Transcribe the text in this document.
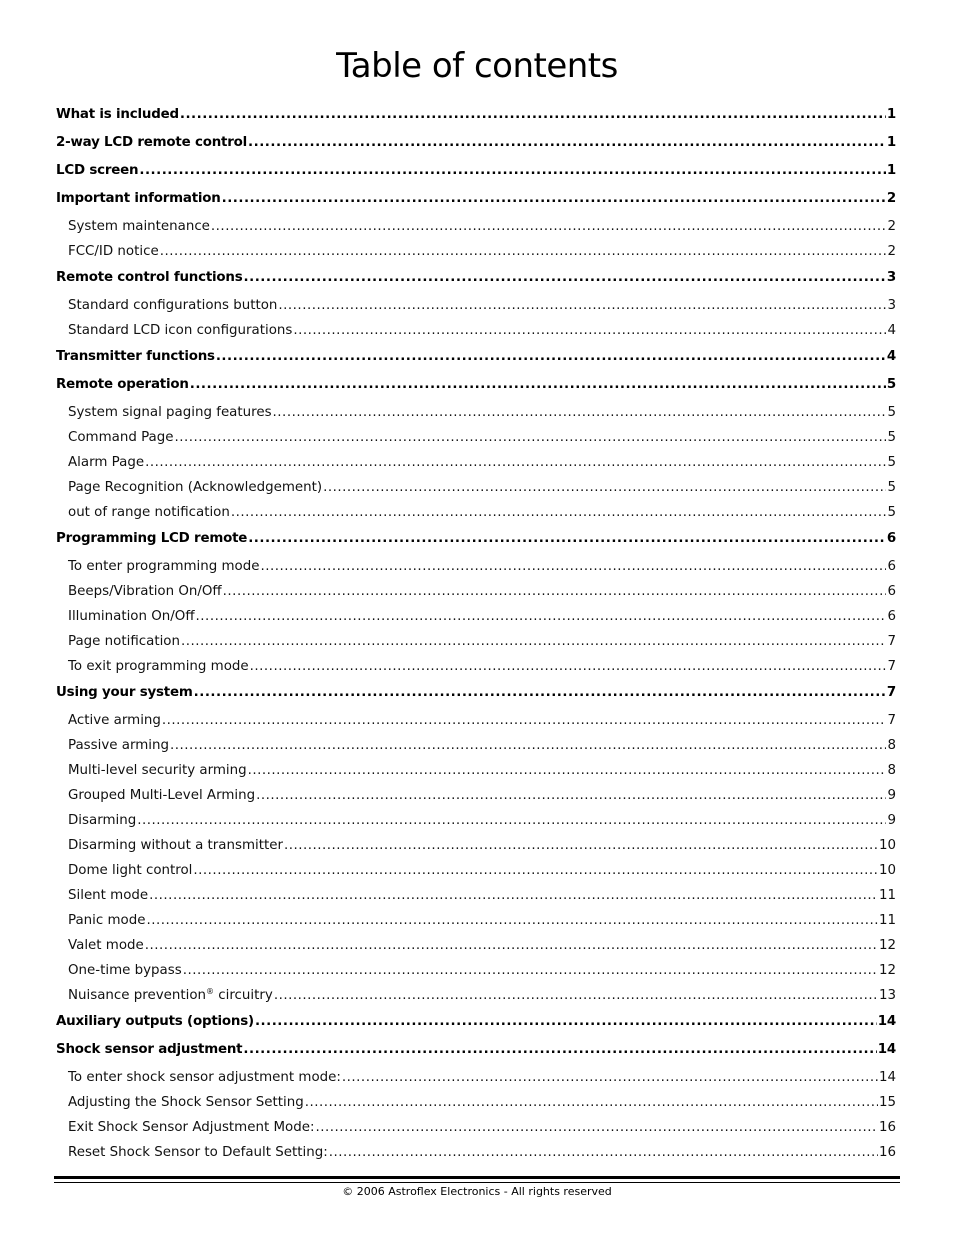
Table of contents
What is included .....	1
2-way LCD remote control .....	1
LCD screen .....	1
Important information .....	2
System maintenance .....	2
FCC/ID notice .....	2
Remote control functions .....	3
Standard configurations button .....	3
Standard LCD icon configurations .....	4
Transmitter functions .....	4
Remote operation .....	5
System signal paging features .....	5
Command Page .....	5
Alarm Page .....	5
Page Recognition (Acknowledgement) .....	5
out of range notification .....	5
Programming LCD remote .....	6
To enter programming mode .....	6
Beeps/Vibration On/Off .....	6
Illumination On/Off .....	6
Page notification .....	7
To exit programming mode .....	7
Using your system .....	7
Active arming .....	7
Passive arming .....	8
Multi-level security arming .....	8
Grouped Multi-Level Arming .....	9
Disarming .....	9
Disarming without a transmitter .....	10
Dome light control .....	10
Silent mode .....	11
Panic mode .....	11
Valet mode .....	12
One-time bypass .....	12
Nuisance prevention ® circuitry .....	13
Auxiliary outputs (options) .....	14
Shock sensor adjustment .....	14
To enter shock sensor adjustment mode: .....	14
Adjusting the Shock Sensor Setting .....	15
Exit Shock Sensor Adjustment Mode: .....	16
Reset Shock Sensor to Default Setting: .....	16
© 2006 Astroflex Electronics - All rights reserved
